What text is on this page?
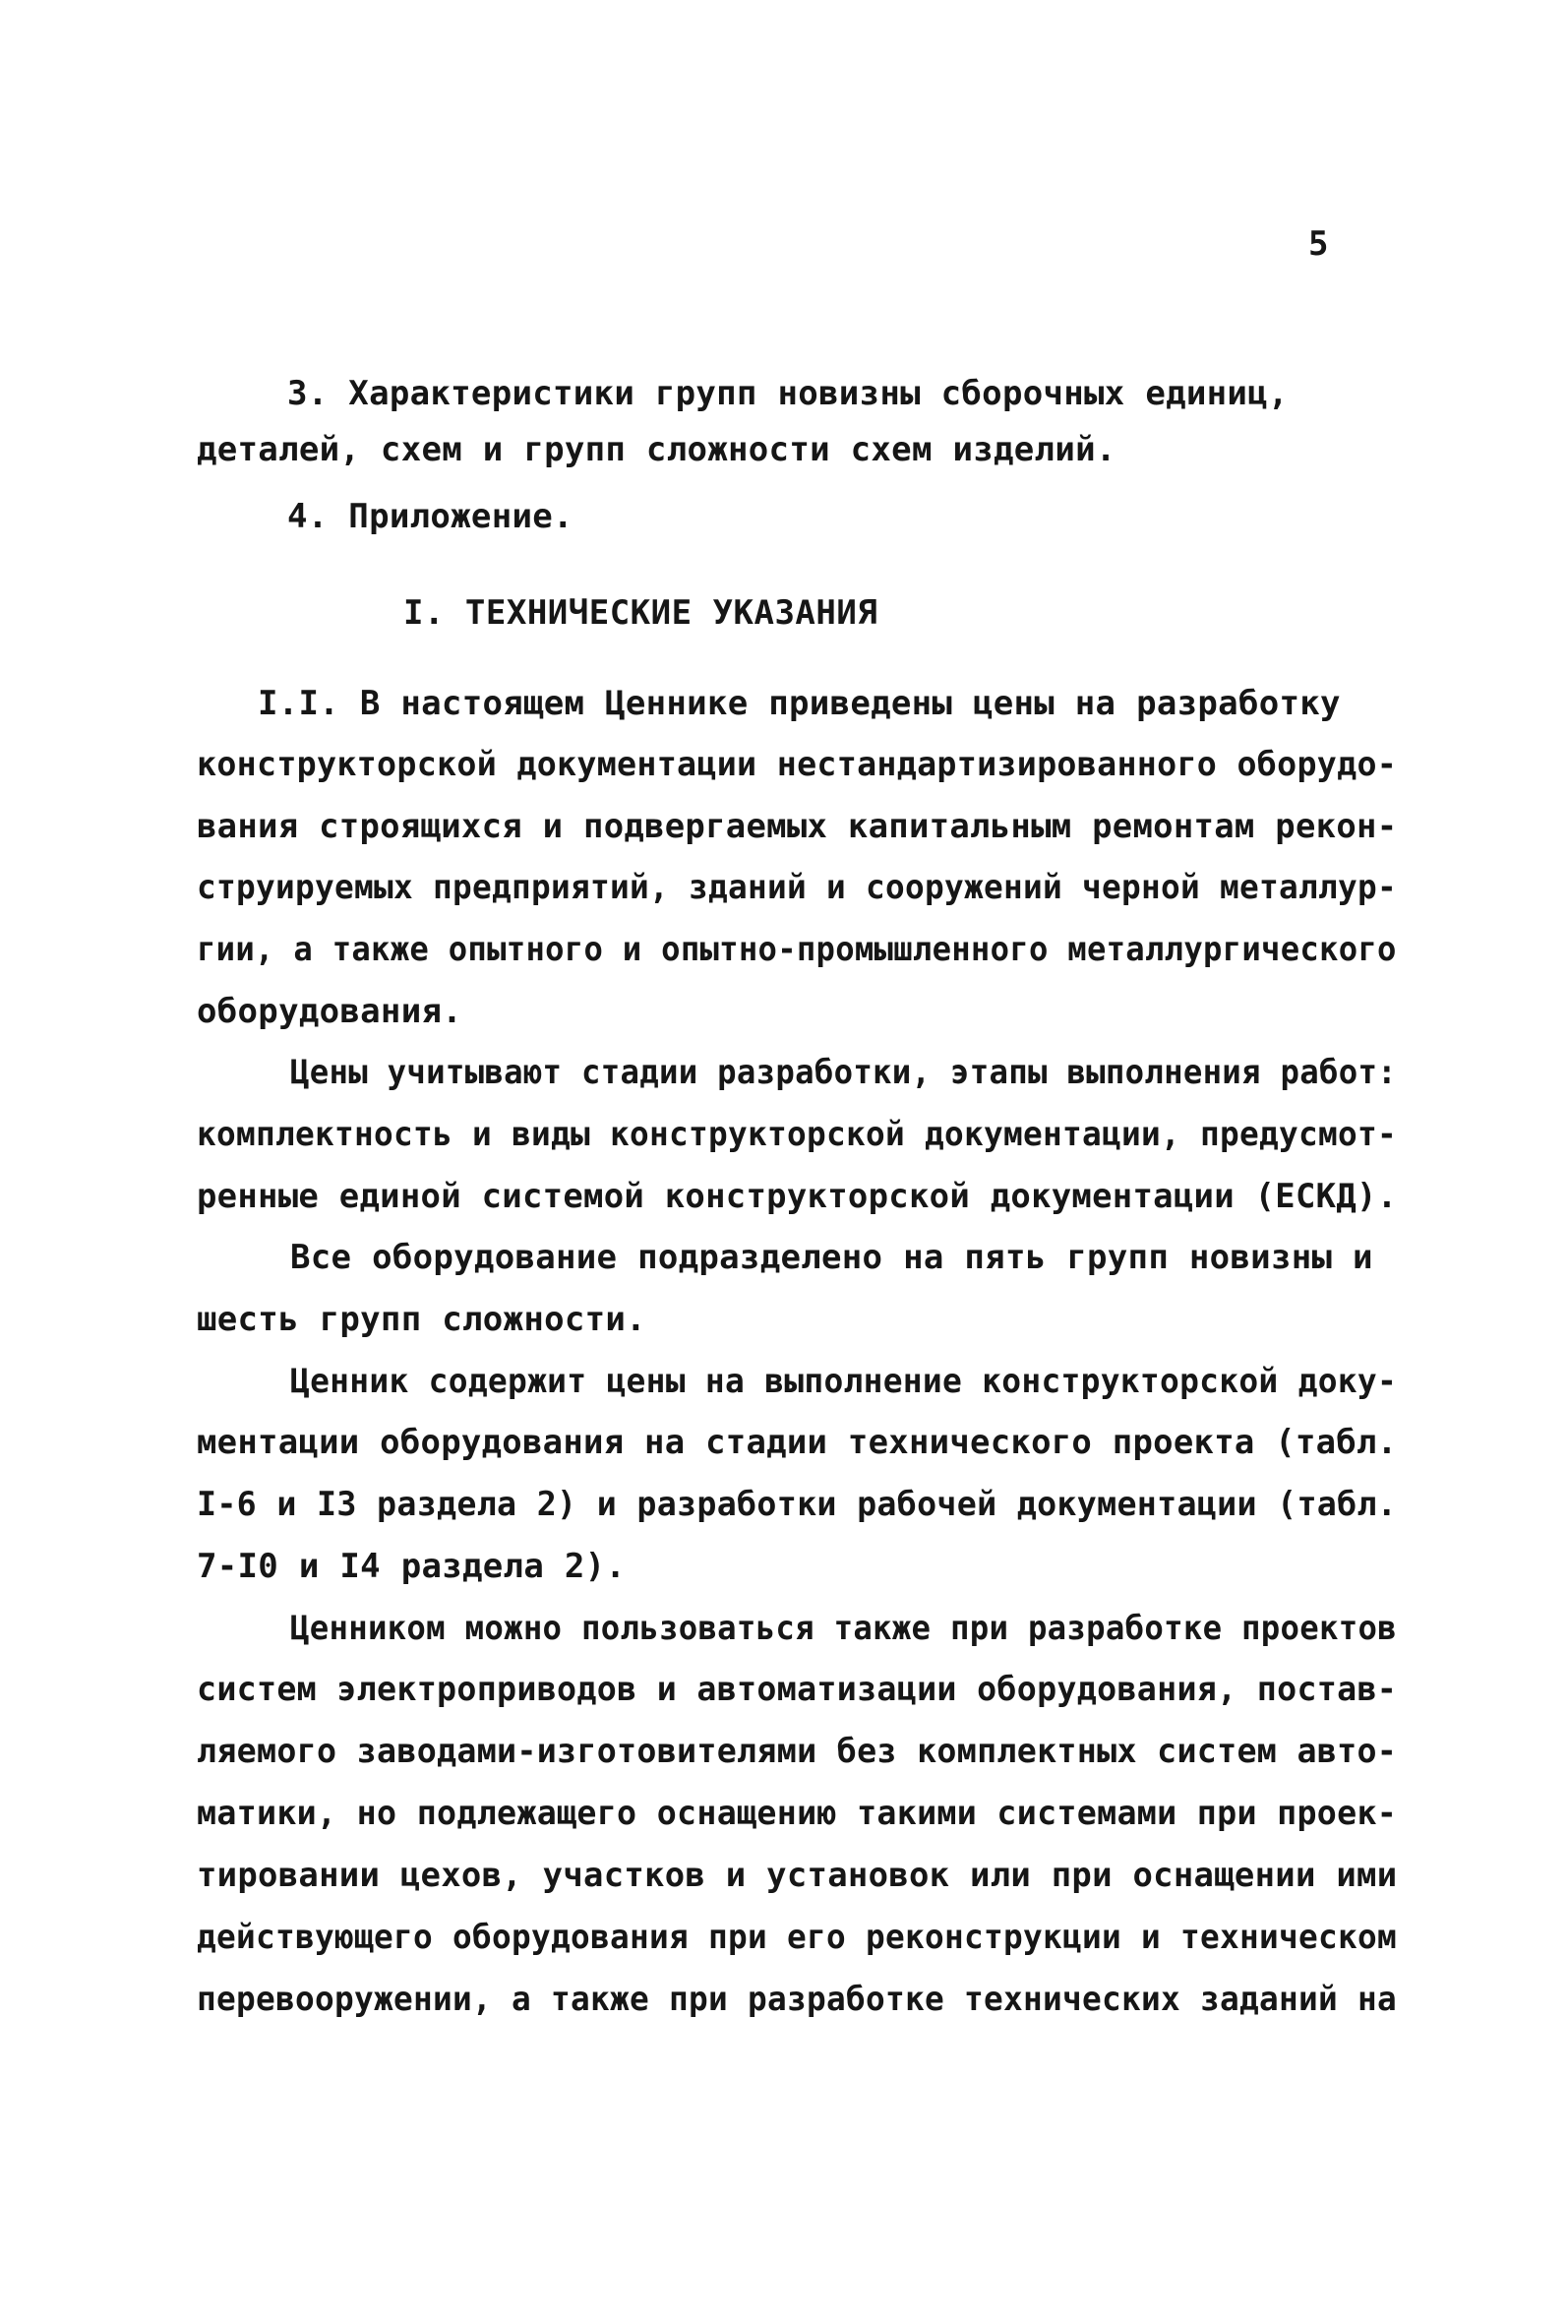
5
3. Характеристики групп новизны сборочных единиц,
деталей, схем и групп сложности схем изделий.
4. Приложение.
I. ТЕХНИЧЕСКИЕ УКАЗАНИЯ
I.I. В настоящем Ценнике приведены цены на разработку
конструкторской документации нестандартизированного оборудо-
вания строящихся и подвергаемых капитальным ремонтам рекон-
струируемых предприятий, зданий и сооружений черной металлур-
гии, а также опытного и опытно-промышленного металлургического
оборудования.
Цены учитывают стадии разработки, этапы выполнения работ:
комплектность и виды конструкторской документации, предусмот-
ренные единой системой конструкторской документации (ЕСКД).
Все оборудование подразделено на пять групп новизны и
шесть групп сложности.
Ценник содержит цены на выполнение конструкторской доку-
ментации оборудования на стадии технического проекта (табл.
I-6 и I3 раздела 2) и разработки рабочей документации (табл.
7-I0 и I4 раздела 2).
Ценником можно пользоваться также при разработке проектов
систем электроприводов и автоматизации оборудования, постав-
ляемого заводами-изготовителями без комплектных систем авто-
матики, но подлежащего оснащению такими системами при проек-
тировании цехов, участков и установок или при оснащении ими
действующего оборудования при его реконструкции и техническом
перевооружении, а также при разработке технических заданий на
